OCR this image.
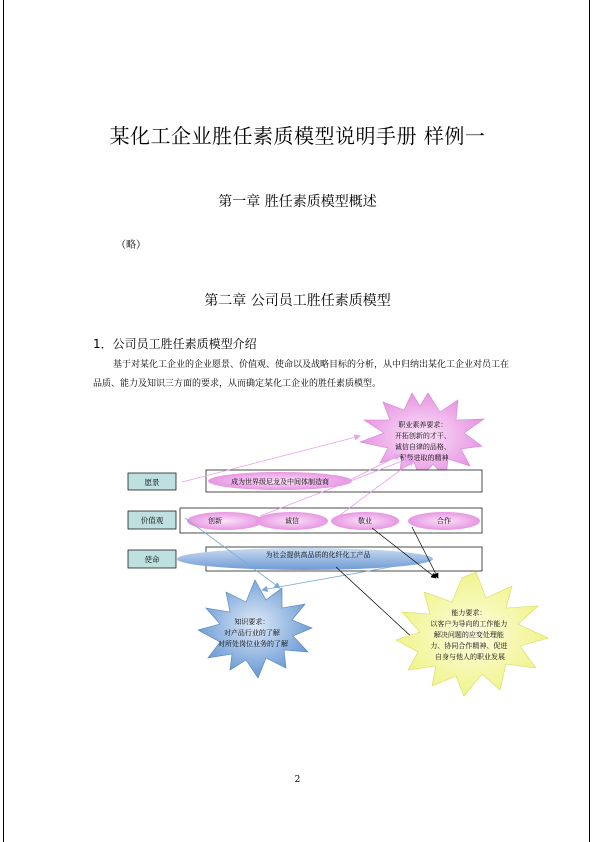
某化工企业胜任素质模型说明手册 样例一
第一章 胜任素质模型概述
（略）
第二章 公司员工胜任素质模型
1．公司员工胜任素质模型介绍
基于对某化工企业的企业愿景、价值观、使命以及战略目标的分析，从中归纳出某化工企业对员工在品质、能力及知识三方面的要求，从而确定某化工企业的胜任素质模型。
职业素养要求： 开拓创新的才干、 诚信自律的品格、 积极进取的精神
愿景	成为世界级尼龙及中间体制造商
价值观	创新	诚信	敬业	合作
使命	为社会提供高品质的化纤化工产品
知识要求： 对产品行业的了解 对所处岗位业务的了解
能力要求： 以客户为导向的工作能力 解决问题的应变处理能 力、协同合作精神、促进 自身与他人的职业发展
2
